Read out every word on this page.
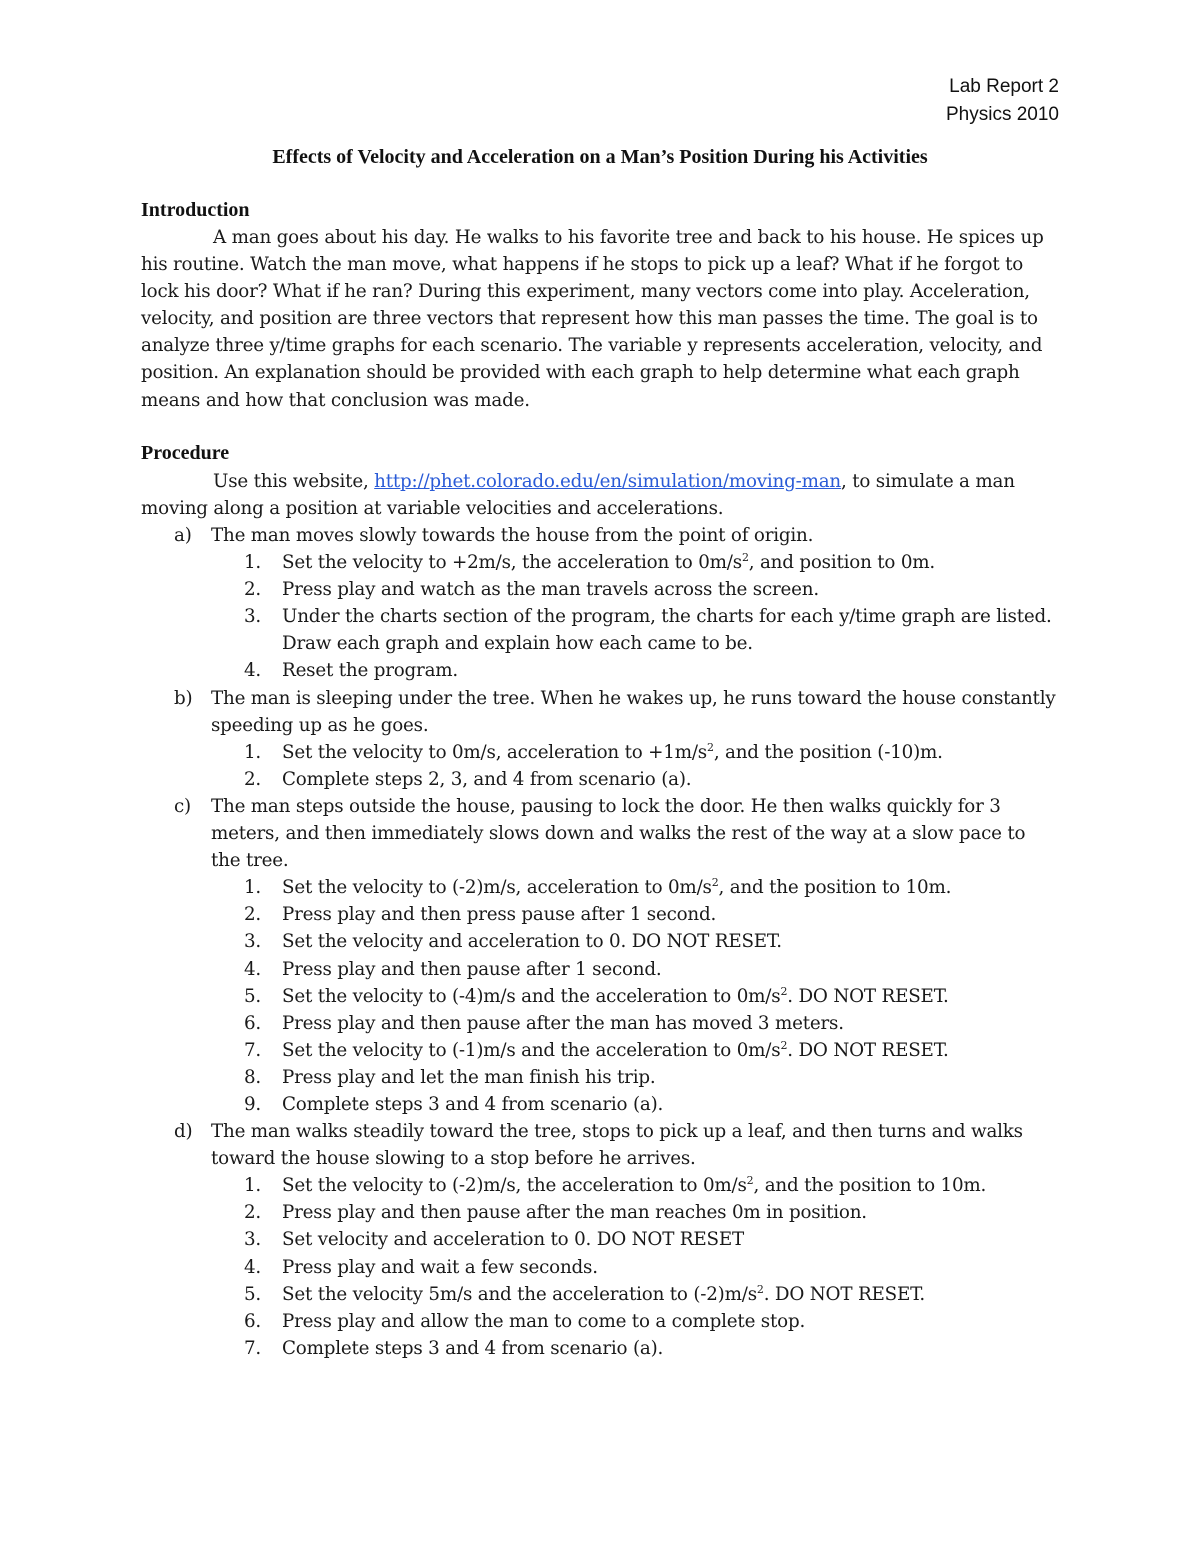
Lab Report 2
Physics 2010
Effects of Velocity and Acceleration on a Man’s Position During his Activities
Introduction
A man goes about his day. He walks to his favorite tree and back to his house. He spices up his routine. Watch the man move, what happens if he stops to pick up a leaf? What if he forgot to lock his door? What if he ran? During this experiment, many vectors come into play. Acceleration, velocity, and position are three vectors that represent how this man passes the time. The goal is to analyze three y/time graphs for each scenario. The variable y represents acceleration, velocity, and position. An explanation should be provided with each graph to help determine what each graph means and how that conclusion was made.
Procedure
Use this website, http://phet.colorado.edu/en/simulation/moving-man, to simulate a man moving along a position at variable velocities and accelerations.
a)	The man moves slowly towards the house from the point of origin.
1.	Set the velocity to +2m/s, the acceleration to $0m/s^2$, and position to 0m.
2.	Press play and watch as the man travels across the screen.
3.	Under the charts section of the program, the charts for each y/time graph are listed. Draw each graph and explain how each came to be.
4.	Reset the program.
b)	The man is sleeping under the tree. When he wakes up, he runs toward the house constantly speeding up as he goes.
1.	Set the velocity to 0m/s, acceleration to $+1m/s^2$, and the position (-10)m.
2.	Complete steps 2, 3, and 4 from scenario (a).
c)	The man steps outside the house, pausing to lock the door. He then walks quickly for 3 meters, and then immediately slows down and walks the rest of the way at a slow pace to the tree.
1.	Set the velocity to (-2)m/s, acceleration to $0m/s^2$, and the position to 10m.
2.	Press play and then press pause after 1 second.
3.	Set the velocity and acceleration to 0. DO NOT RESET.
4.	Press play and then pause after 1 second.
5.	Set the velocity to (-4)m/s and the acceleration to $0m/s^2$. DO NOT RESET.
6.	Press play and then pause after the man has moved 3 meters.
7.	Set the velocity to (-1)m/s and the acceleration to $0m/s^2$. DO NOT RESET.
8.	Press play and let the man finish his trip.
9.	Complete steps 3 and 4 from scenario (a).
d)	The man walks steadily toward the tree, stops to pick up a leaf, and then turns and walks toward the house slowing to a stop before he arrives.
1.	Set the velocity to (-2)m/s, the acceleration to $0m/s^2$, and the position to 10m.
2.	Press play and then pause after the man reaches 0m in position.
3.	Set velocity and acceleration to 0. DO NOT RESET
4.	Press play and wait a few seconds.
5.	Set the velocity 5m/s and the acceleration to $(-2)m/s^2$. DO NOT RESET.
6.	Press play and allow the man to come to a complete stop.
7.	Complete steps 3 and 4 from scenario (a).
